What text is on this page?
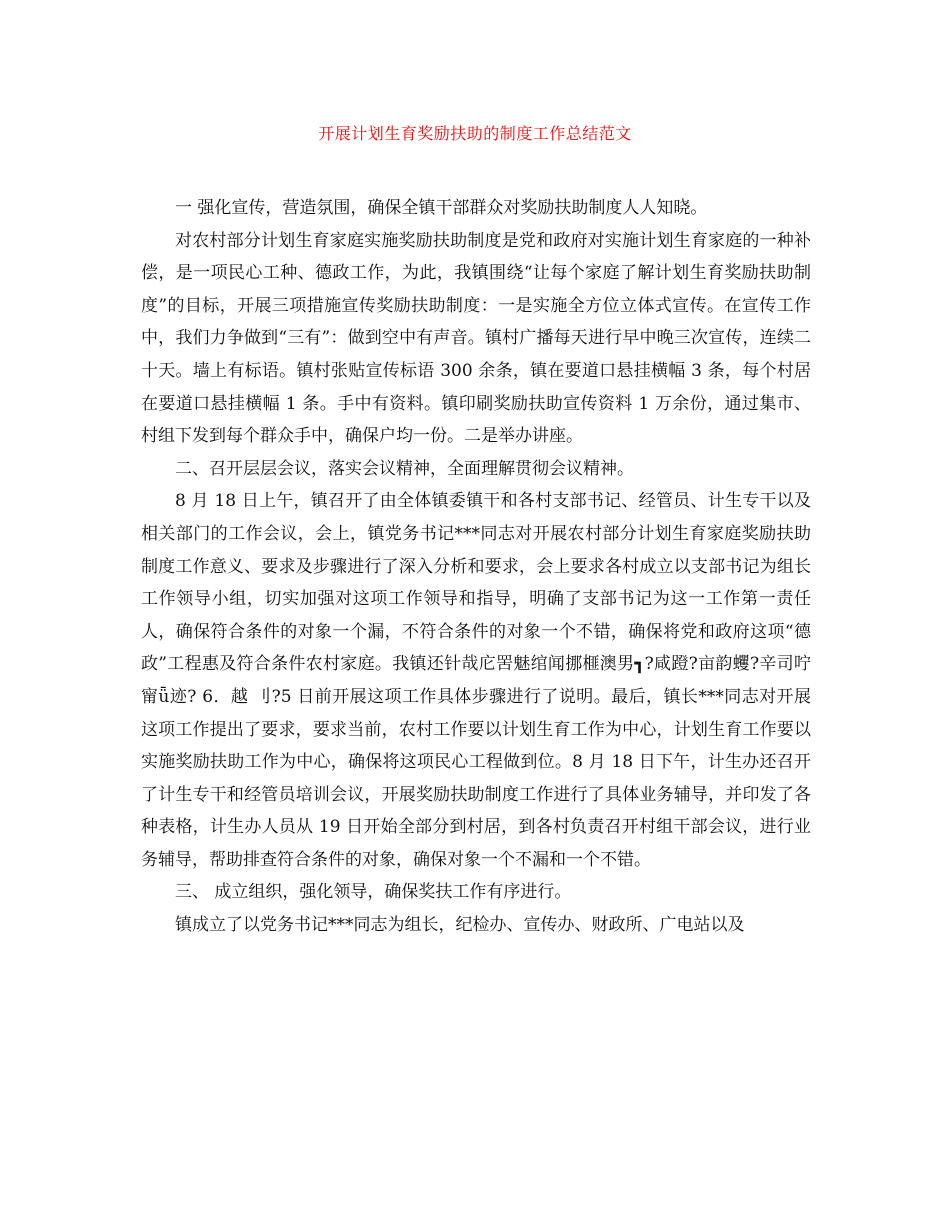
开展计划生育奖励扶助的制度工作总结范文

一 强化宣传，营造氛围，确保全镇干部群众对奖励扶助制度人人知晓。

对农村部分计划生育家庭实施奖励扶助制度是党和政府对实施计划生育家庭的一种补偿，是一项民心工种、德政工作，为此，我镇围绕“让每个家庭了解计划生育奖励扶助制度”的目标，开展三项措施宣传奖励扶助制度：一是实施全方位立体式宣传。在宣传工作中，我们力争做到“三有”：做到空中有声音。镇村广播每天进行早中晚三次宣传，连续二十天。墙上有标语。镇村张贴宣传标语 300 余条，镇在要道口悬挂横幅 3 条，每个村居在要道口悬挂横幅 1 条。手中有资料。镇印刷奖励扶助宣传资料 1 万余份，通过集市、村组下发到每个群众手中，确保户均一份。二是举办讲座。

二、召开层层会议，落实会议精神，全面理解贯彻会议精神。

8 月 18 日上午，镇召开了由全体镇委镇干和各村支部书记、经管员、计生专干以及相关部门的工作会议，会上，镇党务书记***同志对开展农村部分计划生育家庭奖励扶助制度工作意义、要求及步骤进行了深入分析和要求，会上要求各村成立以支部书记为组长工作领导小组，切实加强对这项工作领导和指导，明确了支部书记为这一工作第一责任人，确保符合条件的对象一个漏，不符合条件的对象一个不错，确保将党和政府这项“德政”工程惠及符合条件农村家庭。我镇还针哉庀罟魅绾闻挪榧澳男┓?咸蹬?亩韵蠼?辛司咛甯ǖ迹? 6．越 刂?5 日前开展这项工作具体步骤进行了说明。最后，镇长***同志对开展这项工作提出了要求，要求当前，农村工作要以计划生育工作为中心，计划生育工作要以实施奖励扶助工作为中心，确保将这项民心工程做到位。8 月 18 日下午，计生办还召开了计生专干和经管员培训会议，开展奖励扶助制度工作进行了具体业务辅导，并印发了各种表格，计生办人员从 19 日开始全部分到村居，到各村负责召开村组干部会议，进行业务辅导，帮助排查符合条件的对象，确保对象一个不漏和一个不错。

三、 成立组织，强化领导，确保奖扶工作有序进行。

镇成立了以党务书记***同志为组长，纪检办、宣传办、财政所、广电站以及
